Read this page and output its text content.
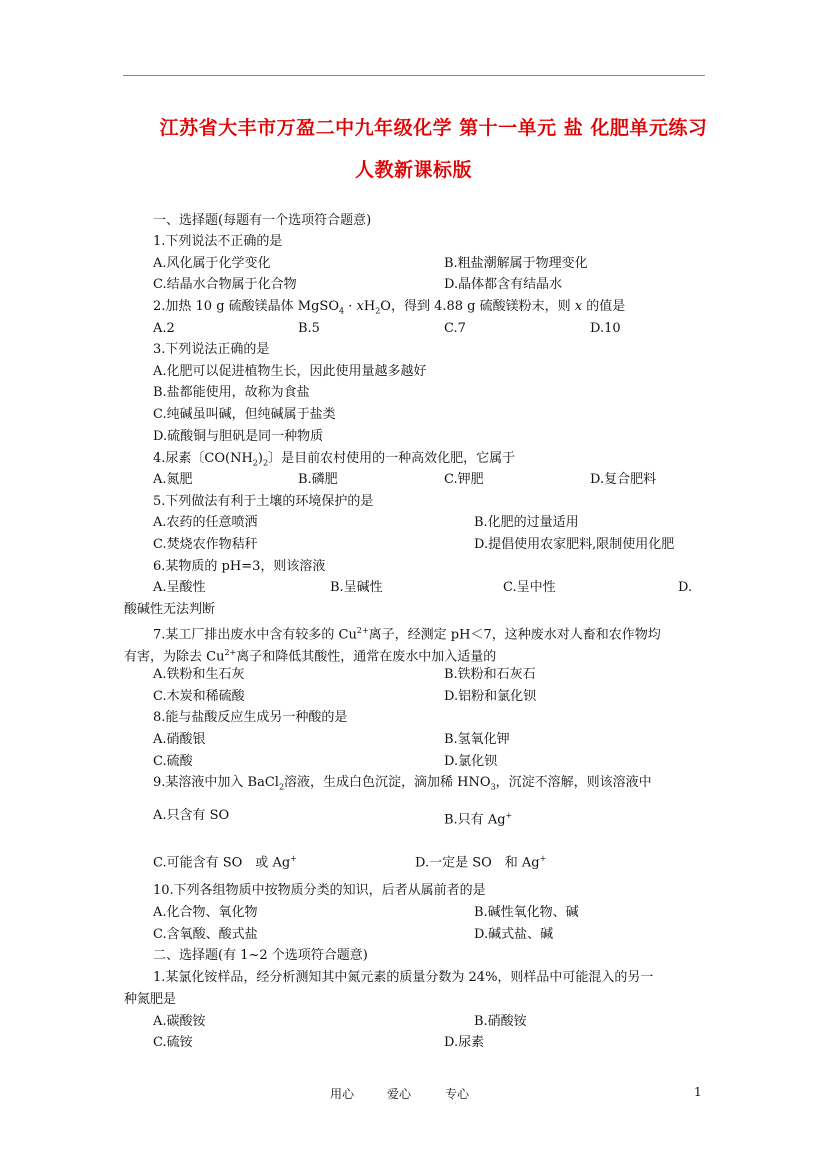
江苏省大丰市万盈二中九年级化学 第十一单元 盐 化肥单元练习
人教新课标版
一、选择题(每题有一个选项符合题意)
1.下列说法不正确的是
A.风化属于化学变化	B.粗盐潮解属于物理变化
C.结晶水合物属于化合物	D.晶体都含有结晶水
2.加热 10 g 硫酸镁晶体 MgSO$_4$ · $xH_2O$，得到 4.88 g 硫酸镁粉末，则 x 的值是
A.2	B.5	C.7	D.10
3.下列说法正确的是
A.化肥可以促进植物生长，因此使用量越多越好
B.盐都能使用，故称为食盐
C.纯碱虽叫碱，但纯碱属于盐类
D.硫酸铜与胆矾是同一种物质
4.尿素〔$CO(NH_2)_2$〕是目前农村使用的一种高效化肥，它属于
A.氮肥	B.磷肥	C.钾肥	D.复合肥料
5.下列做法有利于土壤的环境保护的是
A.农药的任意喷洒	B.化肥的过量适用
C.焚烧农作物秸秆	D.提倡使用农家肥料,限制使用化肥
6.某物质的 pH=3，则该溶液
A.呈酸性	B.呈碱性	C.呈中性	D.
酸碱性无法判断
7.某工厂排出废水中含有较多的 $Cu^{2+}$离子，经测定 pH＜7，这种废水对人畜和农作物均
有害，为除去 $Cu^{2+}$离子和降低其酸性，通常在废水中加入适量的
A.铁粉和生石灰	B.铁粉和石灰石
C.木炭和稀硫酸	D.铝粉和氯化钡
8.能与盐酸反应生成另一种酸的是
A.硝酸银	B.氢氧化钾
C.硫酸	D.氯化钡
9.某溶液中加入 BaCl$_2$溶液，生成白色沉淀，滴加稀 $HNO_3$，沉淀不溶解，则该溶液中
A.只含有 SO	B.只有 Ag+
C.可能含有 SO　或 Ag+	D.一定是 SO　和 Ag+
10.下列各组物质中按物质分类的知识，后者从属前者的是
A.化合物、氧化物	B.碱性氧化物、碱
C.含氧酸、酸式盐	D.碱式盐、碱
二、选择题(有 1~2 个选项符合题意)
1.某氯化铵样品，经分析测知其中氮元素的质量分数为 24%，则样品中可能混入的另一
种氮肥是
A.碳酸铵	B.硝酸铵
C.硫铵	D.尿素
用心	爱心	专心	1
